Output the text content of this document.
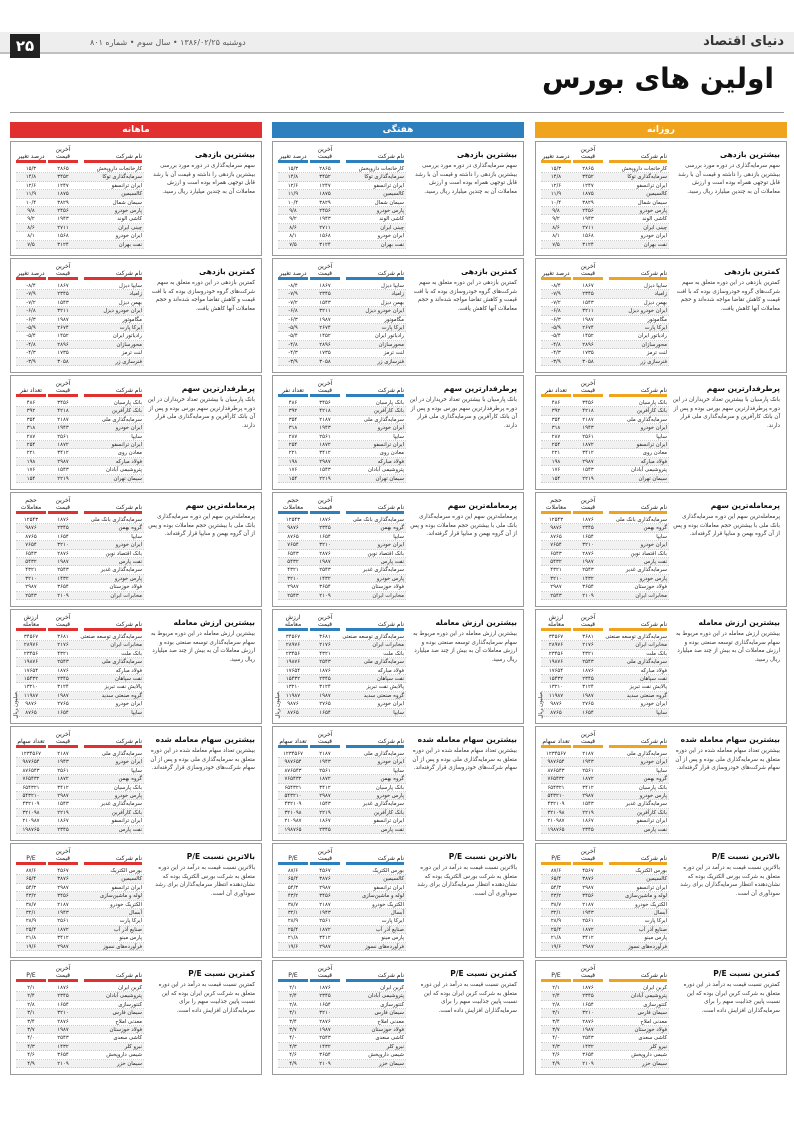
۲۵	دوشنبه ۱۳۸۶/۰۲/۲۵ • سال سوم • شماره ۸۰۱	دنیای اقتصاد
اولین های بورس
روزانه
درصد تغییر
آخرین قیمت	نام شرکت
۱۵/۳	۲۸۶۵	کارخانجات داروپخش
۱۴/۸	۳۴۵۲	سرمایه‌گذاری توکا
۱۲/۶	۱۲۴۷	ایران ترانسفو
۱۱/۹	۱۸۷۵	کالسیمین
۱۰/۴	۳۸۲۹	سیمان شمال
۹/۸	۲۴۵۶	پارس خودرو
۹/۲	۱۹۴۳	کاشی الوند
۸/۶	۲۷۱۱	چینی ایران
۸/۱	۱۵۶۸	ایران خودرو
۷/۵	۳۱۲۴	نفت بهران
بیشترین بازدهی
سهم سرمایه‌گذاری در دوره مورد بررسی بیشترین بازدهی را داشته و قیمت آن با رشد قابل توجهی همراه بوده است و ارزش معاملات آن به چندین میلیارد ریال رسید.
درصد تغییر
آخرین قیمت	نام شرکت
-۸/۴	۱۸۶۷	سایپا دیزل
-۷/۹	۲۳۴۵	زامیاد
-۷/۲	۱۵۴۳	بهمن دیزل
-۶/۸	۳۲۱۱	ایران خودرو دیزل
-۶/۳	۱۹۸۷	مگاموتور
-۵/۹	۲۶۷۴	ایرکا پارت
-۵/۴	۱۴۵۲	رادیاتور ایران
-۴/۸	۲۸۹۶	محورسازان
-۴/۳	۱۷۳۵	لنت ترمز
-۳/۹	۳۰۵۸	فنرسازی زر
کمترین بازدهی
کمترین بازدهی در این دوره متعلق به سهم شرکت‌های گروه خودروسازی بوده که با افت قیمت و کاهش تقاضا مواجه شده‌اند و حجم معاملات آنها کاهش یافت.
تعداد نفر
آخرین قیمت	نام شرکت
۴۸۶	۳۴۵۶	بانک پارسیان
۳۹۲	۴۲۱۸	بانک کارآفرین
۳۵۴	۲۱۸۷	سرمایه‌گذاری ملی
۳۱۸	۱۹۴۳	ایران خودرو
۲۸۷	۲۵۶۱	سایپا
۲۵۴	۱۸۷۲	ایران ترانسفو
۲۲۱	۳۴۱۲	معادن روی
۱۹۸	۲۹۸۷	فولاد مبارکه
۱۷۶	۱۵۴۳	پتروشیمی آبادان
۱۵۴	۲۲۱۹	سیمان تهران
پرطرفدارترین سهم
بانک پارسیان با بیشترین تعداد خریداران در این دوره پرطرفدارترین سهم بورس بوده و پس از آن بانک کارآفرین و سرمایه‌گذاری ملی قرار دارند.
حجم معاملات
آخرین قیمت	نام شرکت
۱۲۵۴۳	۱۸۷۶	سرمایه‌گذاری بانک ملی
۹۸۷۶	۲۳۴۵	گروه بهمن
۸۷۶۵	۱۶۵۴	سایپا
۷۶۵۴	۳۲۱۰	ایران خودرو
۶۵۴۳	۲۸۷۶	بانک اقتصاد نوین
۵۴۳۲	۱۹۸۷	نفت پارس
۴۳۲۱	۲۵۴۳	سرمایه‌گذاری غدیر
۳۲۱۰	۱۴۳۲	پارس خودرو
۲۹۸۷	۳۶۵۴	فولاد خوزستان
۲۵۴۳	۲۱۰۹	مخابرات ایران
پرمعامله‌ترین سهم
پرمعامله‌ترین سهم این دوره سرمایه‌گذاری بانک ملی با بیشترین حجم معاملات بوده و پس از آن گروه بهمن و سایپا قرار گرفته‌اند.
ارزش معامله
آخرین قیمت	نام شرکت
۳۴۵۶۷	۳۶۸۱	سرمایه‌گذاری توسعه صنعتی
۲۸۹۷۶	۲۱۷۶	مخابرات ایران
۲۳۴۵۶	۴۳۲۱	بانک ملت
۱۹۸۷۶	۲۵۴۳	سرمایه‌گذاری ملی
۱۷۶۵۴	۱۸۷۶	فولاد مبارکه
۱۵۴۳۲	۲۳۴۵	نفت سپاهان
۱۳۲۱۰	۳۱۲۴	پالایش نفت تبریز
۱۱۹۸۷	۱۹۸۷	گروه صنعتی سدید
۹۸۷۶	۲۷۶۵	ایران خودرو
۸۷۶۵	۱۶۵۴	سایپا
بیشترین ارزش معامله
بیشترین ارزش معامله در این دوره مربوط به سهام سرمایه‌گذاری توسعه صنعتی بوده و ارزش معاملات آن به بیش از چند صد میلیارد ریال رسید.
میلیون ریال
تعداد سهام
آخرین قیمت	نام شرکت
۱۲۳۴۵۶۷	۲۱۸۷	سرمایه‌گذاری ملی
۹۸۷۶۵۴	۱۹۴۳	ایران خودرو
۸۷۶۵۴۳	۲۵۶۱	سایپا
۷۶۵۴۳۲	۱۸۷۲	گروه بهمن
۶۵۴۳۲۱	۳۴۱۲	بانک پارسیان
۵۴۳۲۱۰	۲۹۸۷	پارس خودرو
۴۳۲۱۰۹	۱۵۴۳	سرمایه‌گذاری غدیر
۳۲۱۰۹۸	۲۲۱۹	بانک کارآفرین
۲۱۰۹۸۷	۱۸۶۷	ایران ترانسفو
۱۹۸۷۶۵	۲۳۴۵	نفت پارس
بیشترین سهام معامله شده
بیشترین تعداد سهام معامله شده در این دوره متعلق به سرمایه‌گذاری ملی بوده و پس از آن سهام شرکت‌های خودروسازی قرار گرفته‌اند.
P/E
آخرین قیمت	نام شرکت
۸۷/۶	۴۵۶۷	بورس الکتریک
۶۵/۴	۳۸۷۶	کالسیمین
۵۴/۳	۲۹۸۷	ایران ترانسفو
۴۳/۲	۳۴۵۶	لوله و ماشین‌سازی
۳۸/۷	۲۱۸۷	الکتریک خودرو
۳۲/۱	۱۹۴۳	آبسال
۲۸/۹	۲۵۶۱	ایرکا پارت
۲۵/۴	۱۸۷۲	صنایع آذر آب
۲۱/۸	۳۴۱۲	پارس مینو
۱۹/۶	۲۹۸۷	فرآورده‌های نسوز
بالاترین نسبت P/E
بالاترین نسبت قیمت به درآمد در این دوره متعلق به شرکت بورس الکتریک بوده که نشان‌دهنده انتظار سرمایه‌گذاران برای رشد سودآوری آن است.
P/E
آخرین قیمت	نام شرکت
۲/۱	۱۸۷۶	کربن ایران
۲/۴	۲۳۴۵	پتروشیمی آبادان
۲/۸	۱۶۵۴	کنتورسازی
۳/۱	۳۲۱۰	سیمان فارس
۳/۴	۲۸۷۶	معدنی املاح
۳/۷	۱۹۸۷	فولاد خوزستان
۴/۰	۲۵۴۳	کاشی سعدی
۴/۳	۱۴۳۲	نیرو کلر
۴/۶	۳۶۵۴	شیمی داروپخش
۴/۹	۲۱۰۹	سیمان خزر
کمترین نسبت P/E
کمترین نسبت قیمت به درآمد در این دوره متعلق به شرکت کربن ایران بوده که این نسبت پایین جذابیت سهم را برای سرمایه‌گذاران افزایش داده است.
هفتگی
درصد تغییر
آخرین قیمت	نام شرکت
۱۵/۳	۲۸۶۵	کارخانجات داروپخش
۱۴/۸	۳۴۵۲	سرمایه‌گذاری توکا
۱۲/۶	۱۲۴۷	ایران ترانسفو
۱۱/۹	۱۸۷۵	کالسیمین
۱۰/۴	۳۸۲۹	سیمان شمال
۹/۸	۲۴۵۶	پارس خودرو
۹/۲	۱۹۴۳	کاشی الوند
۸/۶	۲۷۱۱	چینی ایران
۸/۱	۱۵۶۸	ایران خودرو
۷/۵	۳۱۲۴	نفت بهران
بیشترین بازدهی
سهم سرمایه‌گذاری در دوره مورد بررسی بیشترین بازدهی را داشته و قیمت آن با رشد قابل توجهی همراه بوده است و ارزش معاملات آن به چندین میلیارد ریال رسید.
درصد تغییر
آخرین قیمت	نام شرکت
-۸/۴	۱۸۶۷	سایپا دیزل
-۷/۹	۲۳۴۵	زامیاد
-۷/۲	۱۵۴۳	بهمن دیزل
-۶/۸	۳۲۱۱	ایران خودرو دیزل
-۶/۳	۱۹۸۷	مگاموتور
-۵/۹	۲۶۷۴	ایرکا پارت
-۵/۴	۱۴۵۲	رادیاتور ایران
-۴/۸	۲۸۹۶	محورسازان
-۴/۳	۱۷۳۵	لنت ترمز
-۳/۹	۳۰۵۸	فنرسازی زر
کمترین بازدهی
کمترین بازدهی در این دوره متعلق به سهم شرکت‌های گروه خودروسازی بوده که با افت قیمت و کاهش تقاضا مواجه شده‌اند و حجم معاملات آنها کاهش یافت.
تعداد نفر
آخرین قیمت	نام شرکت
۴۸۶	۳۴۵۶	بانک پارسیان
۳۹۲	۴۲۱۸	بانک کارآفرین
۳۵۴	۲۱۸۷	سرمایه‌گذاری ملی
۳۱۸	۱۹۴۳	ایران خودرو
۲۸۷	۲۵۶۱	سایپا
۲۵۴	۱۸۷۲	ایران ترانسفو
۲۲۱	۳۴۱۲	معادن روی
۱۹۸	۲۹۸۷	فولاد مبارکه
۱۷۶	۱۵۴۳	پتروشیمی آبادان
۱۵۴	۲۲۱۹	سیمان تهران
پرطرفدارترین سهم
بانک پارسیان با بیشترین تعداد خریداران در این دوره پرطرفدارترین سهم بورس بوده و پس از آن بانک کارآفرین و سرمایه‌گذاری ملی قرار دارند.
حجم معاملات
آخرین قیمت	نام شرکت
۱۲۵۴۳	۱۸۷۶	سرمایه‌گذاری بانک ملی
۹۸۷۶	۲۳۴۵	گروه بهمن
۸۷۶۵	۱۶۵۴	سایپا
۷۶۵۴	۳۲۱۰	ایران خودرو
۶۵۴۳	۲۸۷۶	بانک اقتصاد نوین
۵۴۳۲	۱۹۸۷	نفت پارس
۴۳۲۱	۲۵۴۳	سرمایه‌گذاری غدیر
۳۲۱۰	۱۴۳۲	پارس خودرو
۲۹۸۷	۳۶۵۴	فولاد خوزستان
۲۵۴۳	۲۱۰۹	مخابرات ایران
پرمعامله‌ترین سهم
پرمعامله‌ترین سهم این دوره سرمایه‌گذاری بانک ملی با بیشترین حجم معاملات بوده و پس از آن گروه بهمن و سایپا قرار گرفته‌اند.
ارزش معامله
آخرین قیمت	نام شرکت
۳۴۵۶۷	۳۶۸۱	سرمایه‌گذاری توسعه صنعتی
۲۸۹۷۶	۲۱۷۶	مخابرات ایران
۲۳۴۵۶	۴۳۲۱	بانک ملت
۱۹۸۷۶	۲۵۴۳	سرمایه‌گذاری ملی
۱۷۶۵۴	۱۸۷۶	فولاد مبارکه
۱۵۴۳۲	۲۳۴۵	نفت سپاهان
۱۳۲۱۰	۳۱۲۴	پالایش نفت تبریز
۱۱۹۸۷	۱۹۸۷	گروه صنعتی سدید
۹۸۷۶	۲۷۶۵	ایران خودرو
۸۷۶۵	۱۶۵۴	سایپا
بیشترین ارزش معامله
بیشترین ارزش معامله در این دوره مربوط به سهام سرمایه‌گذاری توسعه صنعتی بوده و ارزش معاملات آن به بیش از چند صد میلیارد ریال رسید.
میلیون ریال
تعداد سهام
آخرین قیمت	نام شرکت
۱۲۳۴۵۶۷	۲۱۸۷	سرمایه‌گذاری ملی
۹۸۷۶۵۴	۱۹۴۳	ایران خودرو
۸۷۶۵۴۳	۲۵۶۱	سایپا
۷۶۵۴۳۲	۱۸۷۲	گروه بهمن
۶۵۴۳۲۱	۳۴۱۲	بانک پارسیان
۵۴۳۲۱۰	۲۹۸۷	پارس خودرو
۴۳۲۱۰۹	۱۵۴۳	سرمایه‌گذاری غدیر
۳۲۱۰۹۸	۲۲۱۹	بانک کارآفرین
۲۱۰۹۸۷	۱۸۶۷	ایران ترانسفو
۱۹۸۷۶۵	۲۳۴۵	نفت پارس
بیشترین سهام معامله شده
بیشترین تعداد سهام معامله شده در این دوره متعلق به سرمایه‌گذاری ملی بوده و پس از آن سهام شرکت‌های خودروسازی قرار گرفته‌اند.
P/E
آخرین قیمت	نام شرکت
۸۷/۶	۴۵۶۷	بورس الکتریک
۶۵/۴	۳۸۷۶	کالسیمین
۵۴/۳	۲۹۸۷	ایران ترانسفو
۴۳/۲	۳۴۵۶	لوله و ماشین‌سازی
۳۸/۷	۲۱۸۷	الکتریک خودرو
۳۲/۱	۱۹۴۳	آبسال
۲۸/۹	۲۵۶۱	ایرکا پارت
۲۵/۴	۱۸۷۲	صنایع آذر آب
۲۱/۸	۳۴۱۲	پارس مینو
۱۹/۶	۲۹۸۷	فرآورده‌های نسوز
بالاترین نسبت P/E
بالاترین نسبت قیمت به درآمد در این دوره متعلق به شرکت بورس الکتریک بوده که نشان‌دهنده انتظار سرمایه‌گذاران برای رشد سودآوری آن است.
P/E
آخرین قیمت	نام شرکت
۲/۱	۱۸۷۶	کربن ایران
۲/۴	۲۳۴۵	پتروشیمی آبادان
۲/۸	۱۶۵۴	کنتورسازی
۳/۱	۳۲۱۰	سیمان فارس
۳/۴	۲۸۷۶	معدنی املاح
۳/۷	۱۹۸۷	فولاد خوزستان
۴/۰	۲۵۴۳	کاشی سعدی
۴/۳	۱۴۳۲	نیرو کلر
۴/۶	۳۶۵۴	شیمی داروپخش
۴/۹	۲۱۰۹	سیمان خزر
کمترین نسبت P/E
کمترین نسبت قیمت به درآمد در این دوره متعلق به شرکت کربن ایران بوده که این نسبت پایین جذابیت سهم را برای سرمایه‌گذاران افزایش داده است.
ماهانه
درصد تغییر
آخرین قیمت	نام شرکت
۱۵/۳	۲۸۶۵	کارخانجات داروپخش
۱۴/۸	۳۴۵۲	سرمایه‌گذاری توکا
۱۲/۶	۱۲۴۷	ایران ترانسفو
۱۱/۹	۱۸۷۵	کالسیمین
۱۰/۴	۳۸۲۹	سیمان شمال
۹/۸	۲۴۵۶	پارس خودرو
۹/۲	۱۹۴۳	کاشی الوند
۸/۶	۲۷۱۱	چینی ایران
۸/۱	۱۵۶۸	ایران خودرو
۷/۵	۳۱۲۴	نفت بهران
بیشترین بازدهی
سهم سرمایه‌گذاری در دوره مورد بررسی بیشترین بازدهی را داشته و قیمت آن با رشد قابل توجهی همراه بوده است و ارزش معاملات آن به چندین میلیارد ریال رسید.
درصد تغییر
آخرین قیمت	نام شرکت
-۸/۴	۱۸۶۷	سایپا دیزل
-۷/۹	۲۳۴۵	زامیاد
-۷/۲	۱۵۴۳	بهمن دیزل
-۶/۸	۳۲۱۱	ایران خودرو دیزل
-۶/۳	۱۹۸۷	مگاموتور
-۵/۹	۲۶۷۴	ایرکا پارت
-۵/۴	۱۴۵۲	رادیاتور ایران
-۴/۸	۲۸۹۶	محورسازان
-۴/۳	۱۷۳۵	لنت ترمز
-۳/۹	۳۰۵۸	فنرسازی زر
کمترین بازدهی
کمترین بازدهی در این دوره متعلق به سهم شرکت‌های گروه خودروسازی بوده که با افت قیمت و کاهش تقاضا مواجه شده‌اند و حجم معاملات آنها کاهش یافت.
تعداد نفر
آخرین قیمت	نام شرکت
۴۸۶	۳۴۵۶	بانک پارسیان
۳۹۲	۴۲۱۸	بانک کارآفرین
۳۵۴	۲۱۸۷	سرمایه‌گذاری ملی
۳۱۸	۱۹۴۳	ایران خودرو
۲۸۷	۲۵۶۱	سایپا
۲۵۴	۱۸۷۲	ایران ترانسفو
۲۲۱	۳۴۱۲	معادن روی
۱۹۸	۲۹۸۷	فولاد مبارکه
۱۷۶	۱۵۴۳	پتروشیمی آبادان
۱۵۴	۲۲۱۹	سیمان تهران
پرطرفدارترین سهم
بانک پارسیان با بیشترین تعداد خریداران در این دوره پرطرفدارترین سهم بورس بوده و پس از آن بانک کارآفرین و سرمایه‌گذاری ملی قرار دارند.
حجم معاملات
آخرین قیمت	نام شرکت
۱۲۵۴۳	۱۸۷۶	سرمایه‌گذاری بانک ملی
۹۸۷۶	۲۳۴۵	گروه بهمن
۸۷۶۵	۱۶۵۴	سایپا
۷۶۵۴	۳۲۱۰	ایران خودرو
۶۵۴۳	۲۸۷۶	بانک اقتصاد نوین
۵۴۳۲	۱۹۸۷	نفت پارس
۴۳۲۱	۲۵۴۳	سرمایه‌گذاری غدیر
۳۲۱۰	۱۴۳۲	پارس خودرو
۲۹۸۷	۳۶۵۴	فولاد خوزستان
۲۵۴۳	۲۱۰۹	مخابرات ایران
پرمعامله‌ترین سهم
پرمعامله‌ترین سهم این دوره سرمایه‌گذاری بانک ملی با بیشترین حجم معاملات بوده و پس از آن گروه بهمن و سایپا قرار گرفته‌اند.
ارزش معامله
آخرین قیمت	نام شرکت
۳۴۵۶۷	۳۶۸۱	سرمایه‌گذاری توسعه صنعتی
۲۸۹۷۶	۲۱۷۶	مخابرات ایران
۲۳۴۵۶	۴۳۲۱	بانک ملت
۱۹۸۷۶	۲۵۴۳	سرمایه‌گذاری ملی
۱۷۶۵۴	۱۸۷۶	فولاد مبارکه
۱۵۴۳۲	۲۳۴۵	نفت سپاهان
۱۳۲۱۰	۳۱۲۴	پالایش نفت تبریز
۱۱۹۸۷	۱۹۸۷	گروه صنعتی سدید
۹۸۷۶	۲۷۶۵	ایران خودرو
۸۷۶۵	۱۶۵۴	سایپا
بیشترین ارزش معامله
بیشترین ارزش معامله در این دوره مربوط به سهام سرمایه‌گذاری توسعه صنعتی بوده و ارزش معاملات آن به بیش از چند صد میلیارد ریال رسید.
میلیون ریال
تعداد سهام
آخرین قیمت	نام شرکت
۱۲۳۴۵۶۷	۲۱۸۷	سرمایه‌گذاری ملی
۹۸۷۶۵۴	۱۹۴۳	ایران خودرو
۸۷۶۵۴۳	۲۵۶۱	سایپا
۷۶۵۴۳۲	۱۸۷۲	گروه بهمن
۶۵۴۳۲۱	۳۴۱۲	بانک پارسیان
۵۴۳۲۱۰	۲۹۸۷	پارس خودرو
۴۳۲۱۰۹	۱۵۴۳	سرمایه‌گذاری غدیر
۳۲۱۰۹۸	۲۲۱۹	بانک کارآفرین
۲۱۰۹۸۷	۱۸۶۷	ایران ترانسفو
۱۹۸۷۶۵	۲۳۴۵	نفت پارس
بیشترین سهام معامله شده
بیشترین تعداد سهام معامله شده در این دوره متعلق به سرمایه‌گذاری ملی بوده و پس از آن سهام شرکت‌های خودروسازی قرار گرفته‌اند.
P/E
آخرین قیمت	نام شرکت
۸۷/۶	۴۵۶۷	بورس الکتریک
۶۵/۴	۳۸۷۶	کالسیمین
۵۴/۳	۲۹۸۷	ایران ترانسفو
۴۳/۲	۳۴۵۶	لوله و ماشین‌سازی
۳۸/۷	۲۱۸۷	الکتریک خودرو
۳۲/۱	۱۹۴۳	آبسال
۲۸/۹	۲۵۶۱	ایرکا پارت
۲۵/۴	۱۸۷۲	صنایع آذر آب
۲۱/۸	۳۴۱۲	پارس مینو
۱۹/۶	۲۹۸۷	فرآورده‌های نسوز
بالاترین نسبت P/E
بالاترین نسبت قیمت به درآمد در این دوره متعلق به شرکت بورس الکتریک بوده که نشان‌دهنده انتظار سرمایه‌گذاران برای رشد سودآوری آن است.
P/E
آخرین قیمت	نام شرکت
۲/۱	۱۸۷۶	کربن ایران
۲/۴	۲۳۴۵	پتروشیمی آبادان
۲/۸	۱۶۵۴	کنتورسازی
۳/۱	۳۲۱۰	سیمان فارس
۳/۴	۲۸۷۶	معدنی املاح
۳/۷	۱۹۸۷	فولاد خوزستان
۴/۰	۲۵۴۳	کاشی سعدی
۴/۳	۱۴۳۲	نیرو کلر
۴/۶	۳۶۵۴	شیمی داروپخش
۴/۹	۲۱۰۹	سیمان خزر
کمترین نسبت P/E
کمترین نسبت قیمت به درآمد در این دوره متعلق به شرکت کربن ایران بوده که این نسبت پایین جذابیت سهم را برای سرمایه‌گذاران افزایش داده است.
